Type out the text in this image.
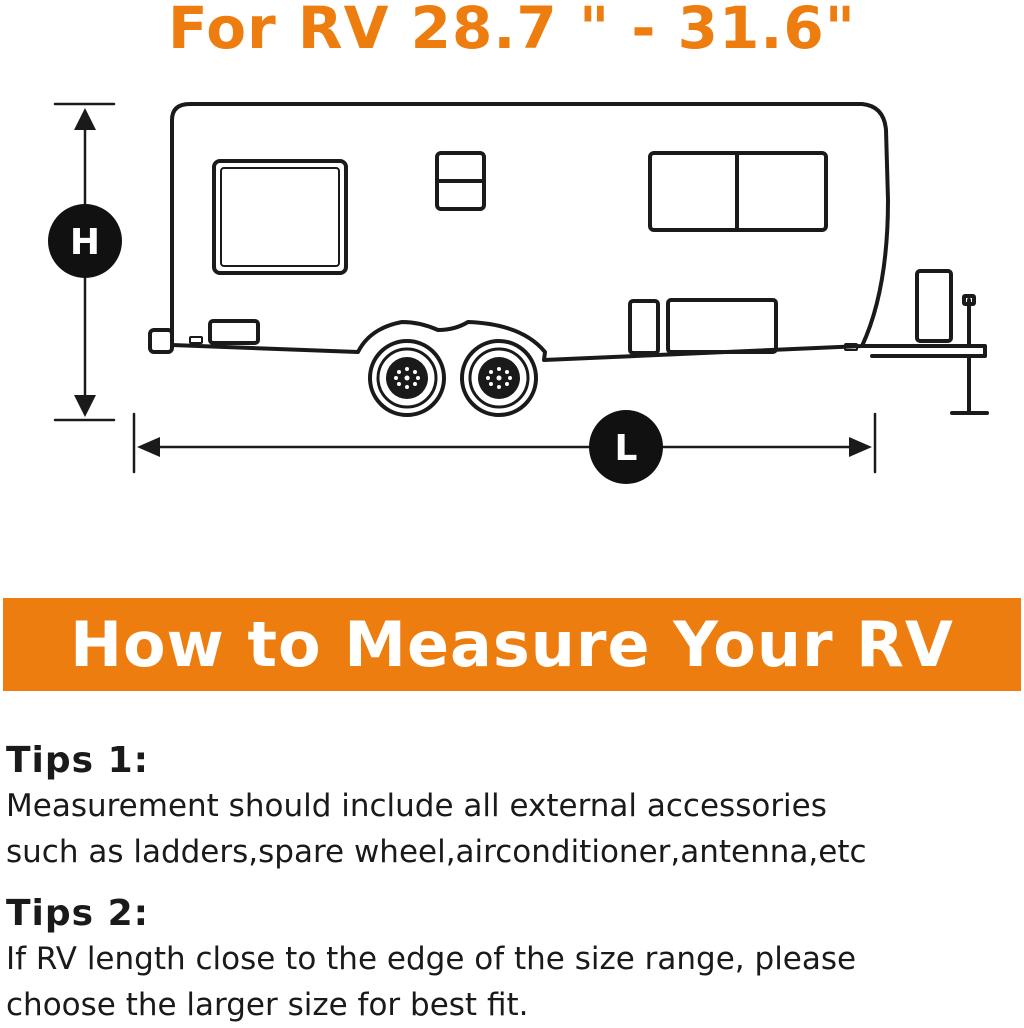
For RV 28.7 " - 31.6"
H
L
How to Measure Your RV
Tips 1:
Measurement should include all external accessories
such as ladders,spare wheel,airconditioner,antenna,etc
Tips 2:
If RV length close to the edge of the size range, please
choose the larger size for best fit.
